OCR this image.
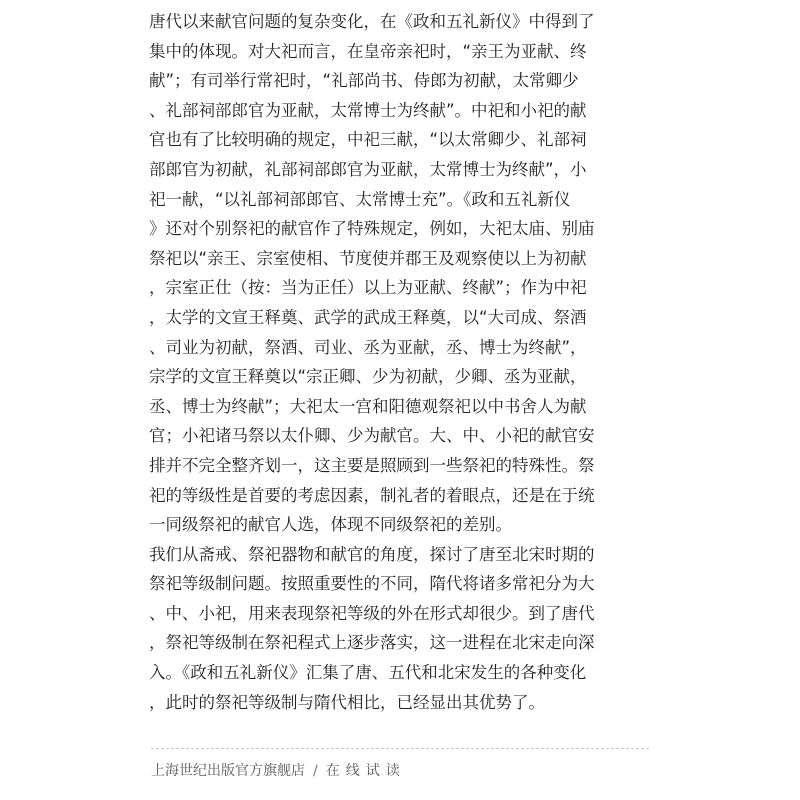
唐代以来献官问题的复杂变化，在《政和五礼新仪》中得到了
集中的体现。对大祀而言，在皇帝亲祀时，“亲王为亚献、终
献”；有司举行常祀时，“礼部尚书、侍郎为初献，太常卿少
、礼部祠部郎官为亚献，太常博士为终献”。中祀和小祀的献
官也有了比较明确的规定，中祀三献，“以太常卿少、礼部祠
部郎官为初献，礼部祠部郎官为亚献，太常博士为终献”，小
祀一献，“以礼部祠部郎官、太常博士充”。《政和五礼新仪
》还对个别祭祀的献官作了特殊规定，例如，大祀太庙、别庙
祭祀以“亲王、宗室使相、节度使并郡王及观察使以上为初献
，宗室正仕（按：当为正任）以上为亚献、终献”；作为中祀
，太学的文宣王释奠、武学的武成王释奠，以“大司成、祭酒
、司业为初献，祭酒、司业、丞为亚献，丞、博士为终献”，
宗学的文宣王释奠以“宗正卿、少为初献，少卿、丞为亚献，
丞、博士为终献”；大祀太一宫和阳德观祭祀以中书舍人为献
官；小祀诸马祭以太仆卿、少为献官。大、中、小祀的献官安
排并不完全整齐划一，这主要是照顾到一些祭祀的特殊性。祭
祀的等级性是首要的考虑因素，制礼者的着眼点，还是在于统
一同级祭祀的献官人选，体现不同级祭祀的差别。
我们从斋戒、祭祀器物和献官的角度，探讨了唐至北宋时期的
祭祀等级制问题。按照重要性的不同，隋代将诸多常祀分为大
、中、小祀，用来表现祭祀等级的外在形式却很少。到了唐代
，祭祀等级制在祭祀程式上逐步落实，这一进程在北宋走向深
入。《政和五礼新仪》汇集了唐、五代和北宋发生的各种变化
，此时的祭祀等级制与隋代相比，已经显出其优势了。
上海世纪出版官方旗舰店 / 在线试读
